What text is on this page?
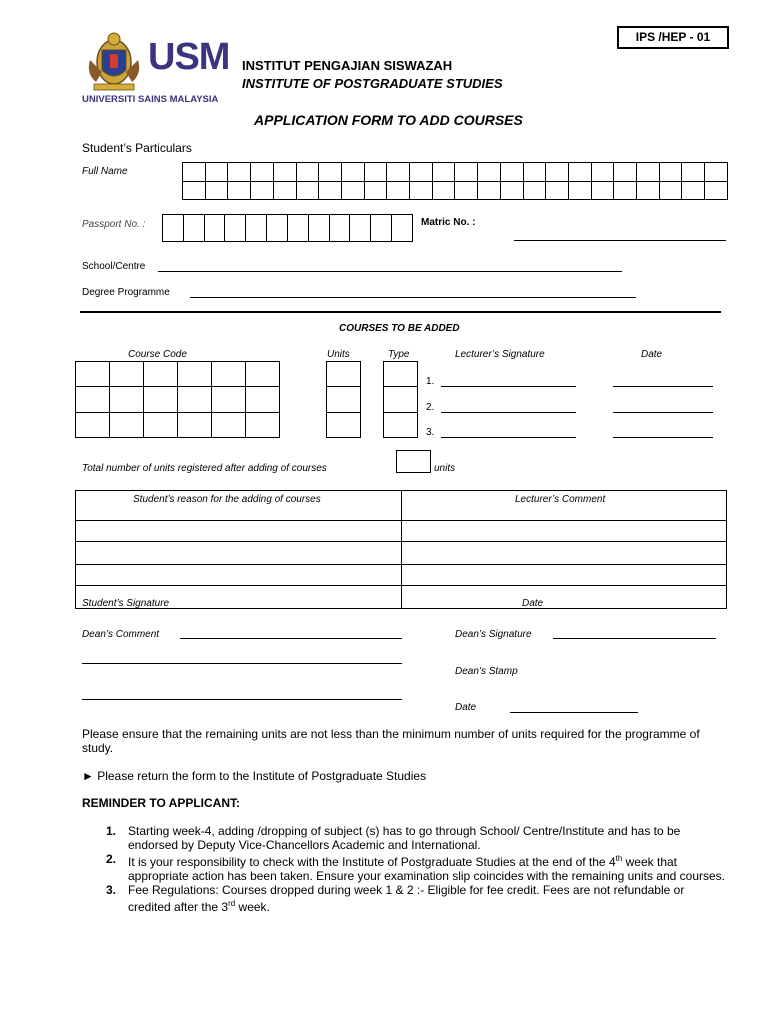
IPS /HEP - 01
USM
UNIVERSITI SAINS MALAYSIA
INSTITUT PENGAJIAN SISWAZAH
INSTITUTE OF POSTGRADUATE STUDIES
APPLICATION FORM TO ADD COURSES
Student’s Particulars
Full Name

Passport No. :
												Matric No. :
School/Centre
Degree Programme
COURSES TO BE ADDED
Course Code	Units	Type	Lecturer’s Signature	Date

1.
2.
3.
Total number of units registered after adding of courses	units
Student’s reason for the adding of courses	Lecturer’s Comment
Student’s Signature	Date
Dean’s Comment	Dean’s Signature
Dean’s Stamp
Date
Please ensure that the remaining units are not less than the minimum number of units required for the programme of study.
► Please return the form to the Institute of Postgraduate Studies
REMINDER TO APPLICANT:
1. Starting week-4, adding /dropping of subject (s) has to go through School/ Centre/Institute and has to be endorsed by Deputy Vice-Chancellors Academic and International.
2. It is your responsibility to check with the Institute of Postgraduate Studies at the end of the 4th week that appropriate action has been taken. Ensure your examination slip coincides with the remaining units and courses.
3. Fee Regulations: Courses dropped during week 1 & 2 :- Eligible for fee credit. Fees are not refundable or credited after the 3rd week.
